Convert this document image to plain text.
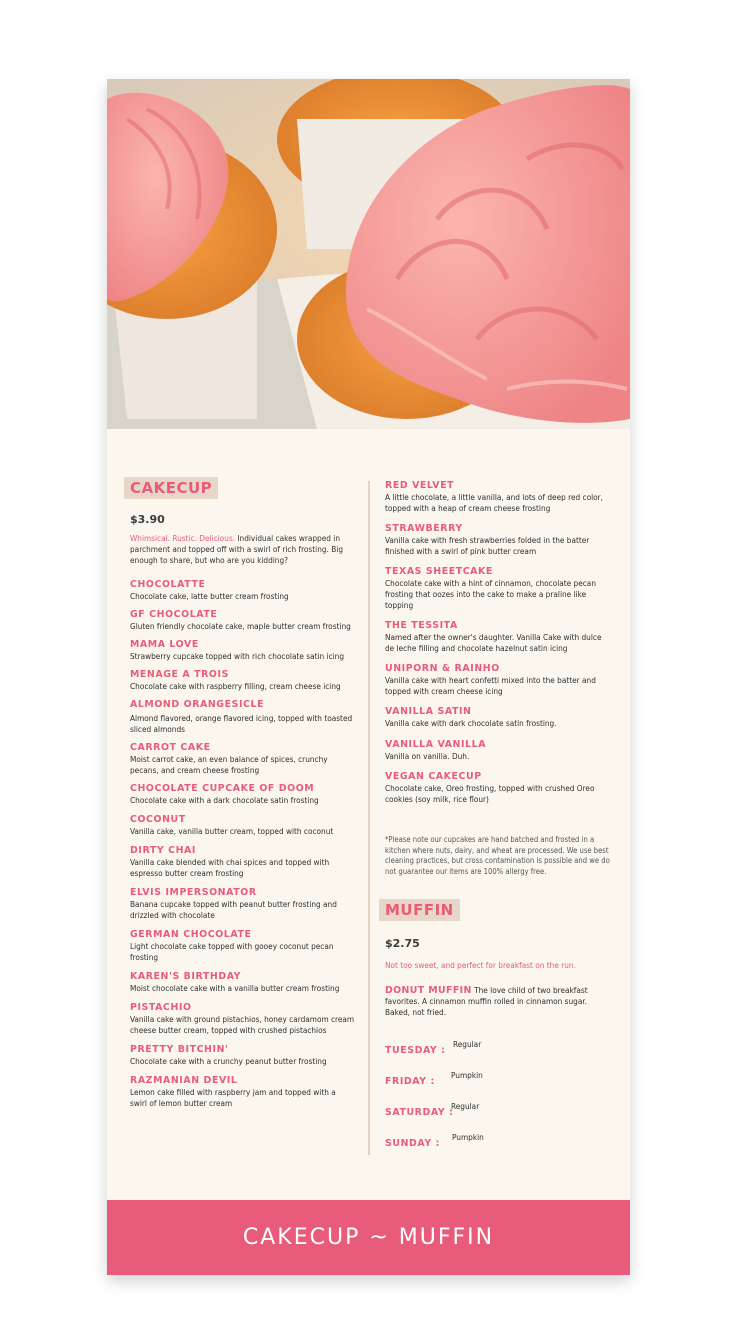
CAKECUP
$3.90
Whimsical. Rustic. Delicious. Individual cakes wrapped in parchment and topped off with a swirl of rich frosting. Big enough to share, but who are you kidding?
CHOCOLATTE
Chocolate cake, latte butter cream frosting
GF CHOCOLATE
Gluten friendly chocolate cake, maple butter cream frosting
MAMA LOVE
Strawberry cupcake topped with rich chocolate satin icing
MENAGE A TROIS
Chocolate cake with raspberry filling, cream cheese icing
ALMOND ORANGESICLE
Almond flavored, orange flavored icing, topped with toasted sliced almonds
CARROT CAKE
Moist carrot cake, an even balance of spices, crunchy pecans, and cream cheese frosting
CHOCOLATE CUPCAKE OF DOOM
Chocolate cake with a dark chocolate satin frosting
COCONUT
Vanilla cake, vanilla butter cream, topped with coconut
DIRTY CHAI
Vanilla cake blended with chai spices and topped with espresso butter cream frosting
ELVIS IMPERSONATOR
Banana cupcake topped with peanut butter frosting and drizzled with chocolate
GERMAN CHOCOLATE
Light chocolate cake topped with gooey coconut pecan frosting
KAREN'S BIRTHDAY
Moist chocolate cake with a vanilla butter cream frosting
PISTACHIO
Vanilla cake with ground pistachios, honey cardamom cream cheese butter cream, topped with crushed pistachios
PRETTY BITCHIN'
Chocolate cake with a crunchy peanut butter frosting
RAZMANIAN DEVIL
Lemon cake filled with raspberry jam and topped with a swirl of lemon butter cream
RED VELVET
A little chocolate, a little vanilla, and lots of deep red color, topped with a heap of cream cheese frosting
STRAWBERRY
Vanilla cake with fresh strawberries folded in the batter finished with a swirl of pink butter cream
TEXAS SHEETCAKE
Chocolate cake with a hint of cinnamon, chocolate pecan frosting that oozes into the cake to make a praline like topping
THE TESSITA
Named after the owner's daughter. Vanilla Cake with dulce de leche filling and chocolate hazelnut satin icing
UNIPORN & RAINHO
Vanilla cake with heart confetti mixed into the batter and topped with cream cheese icing
VANILLA SATIN
Vanilla cake with dark chocolate satin frosting.
VANILLA VANILLA
Vanilla on vanilla. Duh.
VEGAN CAKECUP
Chocolate cake, Oreo frosting, topped with crushed Oreo cookies (soy milk, rice flour)
*Please note our cupcakes are hand batched and frosted in a kitchen where nuts, dairy, and wheat are processed. We use best cleaning practices, but cross contamination is possible and we do not guarantee our items are 100% allergy free.
MUFFIN
$2.75
Not too sweet, and perfect for breakfast on the run.
DONUT MUFFIN The love child of two breakfast favorites. A cinnamon muffin rolled in cinnamon sugar. Baked, not fried.
TUESDAY :
Regular
FRIDAY :
Pumpkin
SATURDAY :
Regular
SUNDAY :
Pumpkin
CAKECUP ~ MUFFIN
